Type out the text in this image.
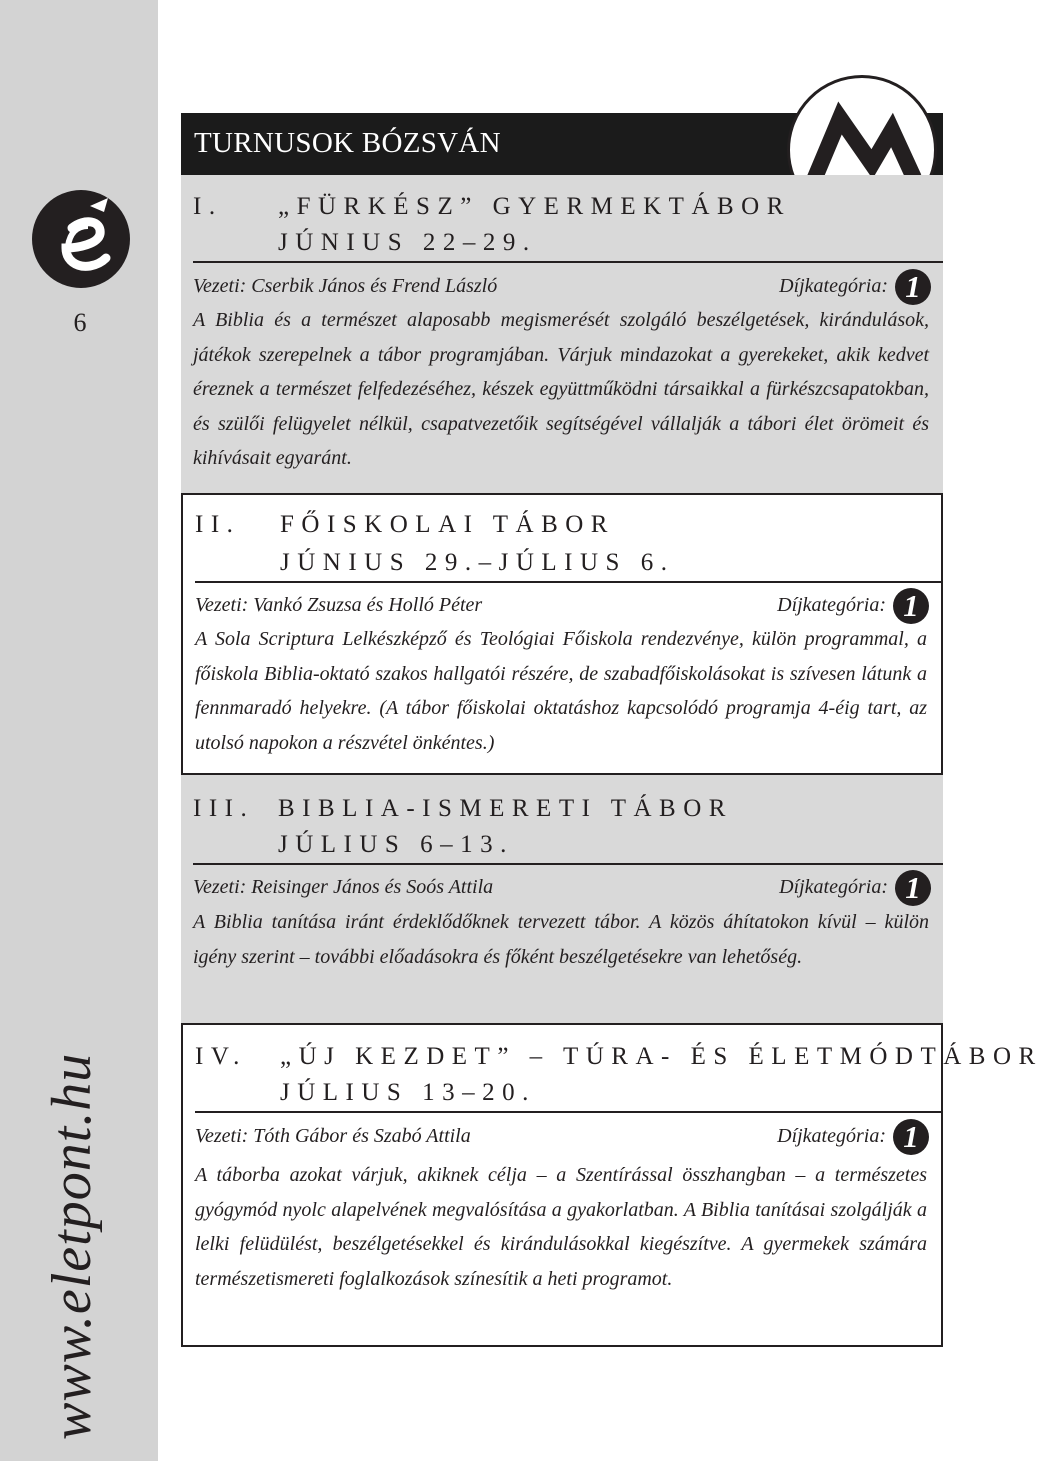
6
www.eletpont.hu
TURNUSOK BÓZSVÁN
I. „FÜRKÉSZ” GYERMEKTÁBOR
JÚNIUS 22–29.
Vezeti: Cserbik János és Frend László	Díjkategória: 1
A Biblia és a természet alaposabb megismerését szolgáló beszélgetések, kirándulások, játékok szerepelnek a tábor programjában. Várjuk mindazokat a gyerekeket, akik kedvet éreznek a természet felfedezéséhez, készek együttműködni társaikkal a fürkészcsapatokban, és szülői felügyelet nélkül, csapatvezetőik segítségével vállalják a tábori élet örömeit és kihívásait egyaránt.
II. FŐISKOLAI TÁBOR
JÚNIUS 29.–JÚLIUS 6.
Vezeti: Vankó Zsuzsa és Holló Péter	Díjkategória: 1
A Sola Scriptura Lelkészképző és Teológiai Főiskola rendezvénye, külön programmal, a főiskola Biblia-oktató szakos hallgatói részére, de szabadfőiskolásokat is szívesen látunk a fennmaradó helyekre. (A tábor főiskolai oktatáshoz kapcsolódó programja 4-éig tart, az utolsó napokon a részvétel önkéntes.)
III. BIBLIA-ISMERETI TÁBOR
JÚLIUS 6–13.
Vezeti: Reisinger János és Soós Attila	Díjkategória: 1
A Biblia tanítása iránt érdeklődőknek tervezett tábor. A közös áhítatokon kívül – külön igény szerint – további előadásokra és főként beszélgetésekre van lehetőség.
IV. „ÚJ KEZDET” – TÚRA- ÉS ÉLETMÓDTÁBOR
JÚLIUS 13–20.
Vezeti: Tóth Gábor és Szabó Attila	Díjkategória: 1
A táborba azokat várjuk, akiknek célja – a Szentírással összhangban – a természetes gyógymód nyolc alapelvének megvalósítása a gyakorlatban. A Biblia tanításai szolgálják a lelki felüdülést, beszélgetésekkel és kirándulásokkal kiegészítve. A gyermekek számára természetismereti foglalkozások színesítik a heti programot.
